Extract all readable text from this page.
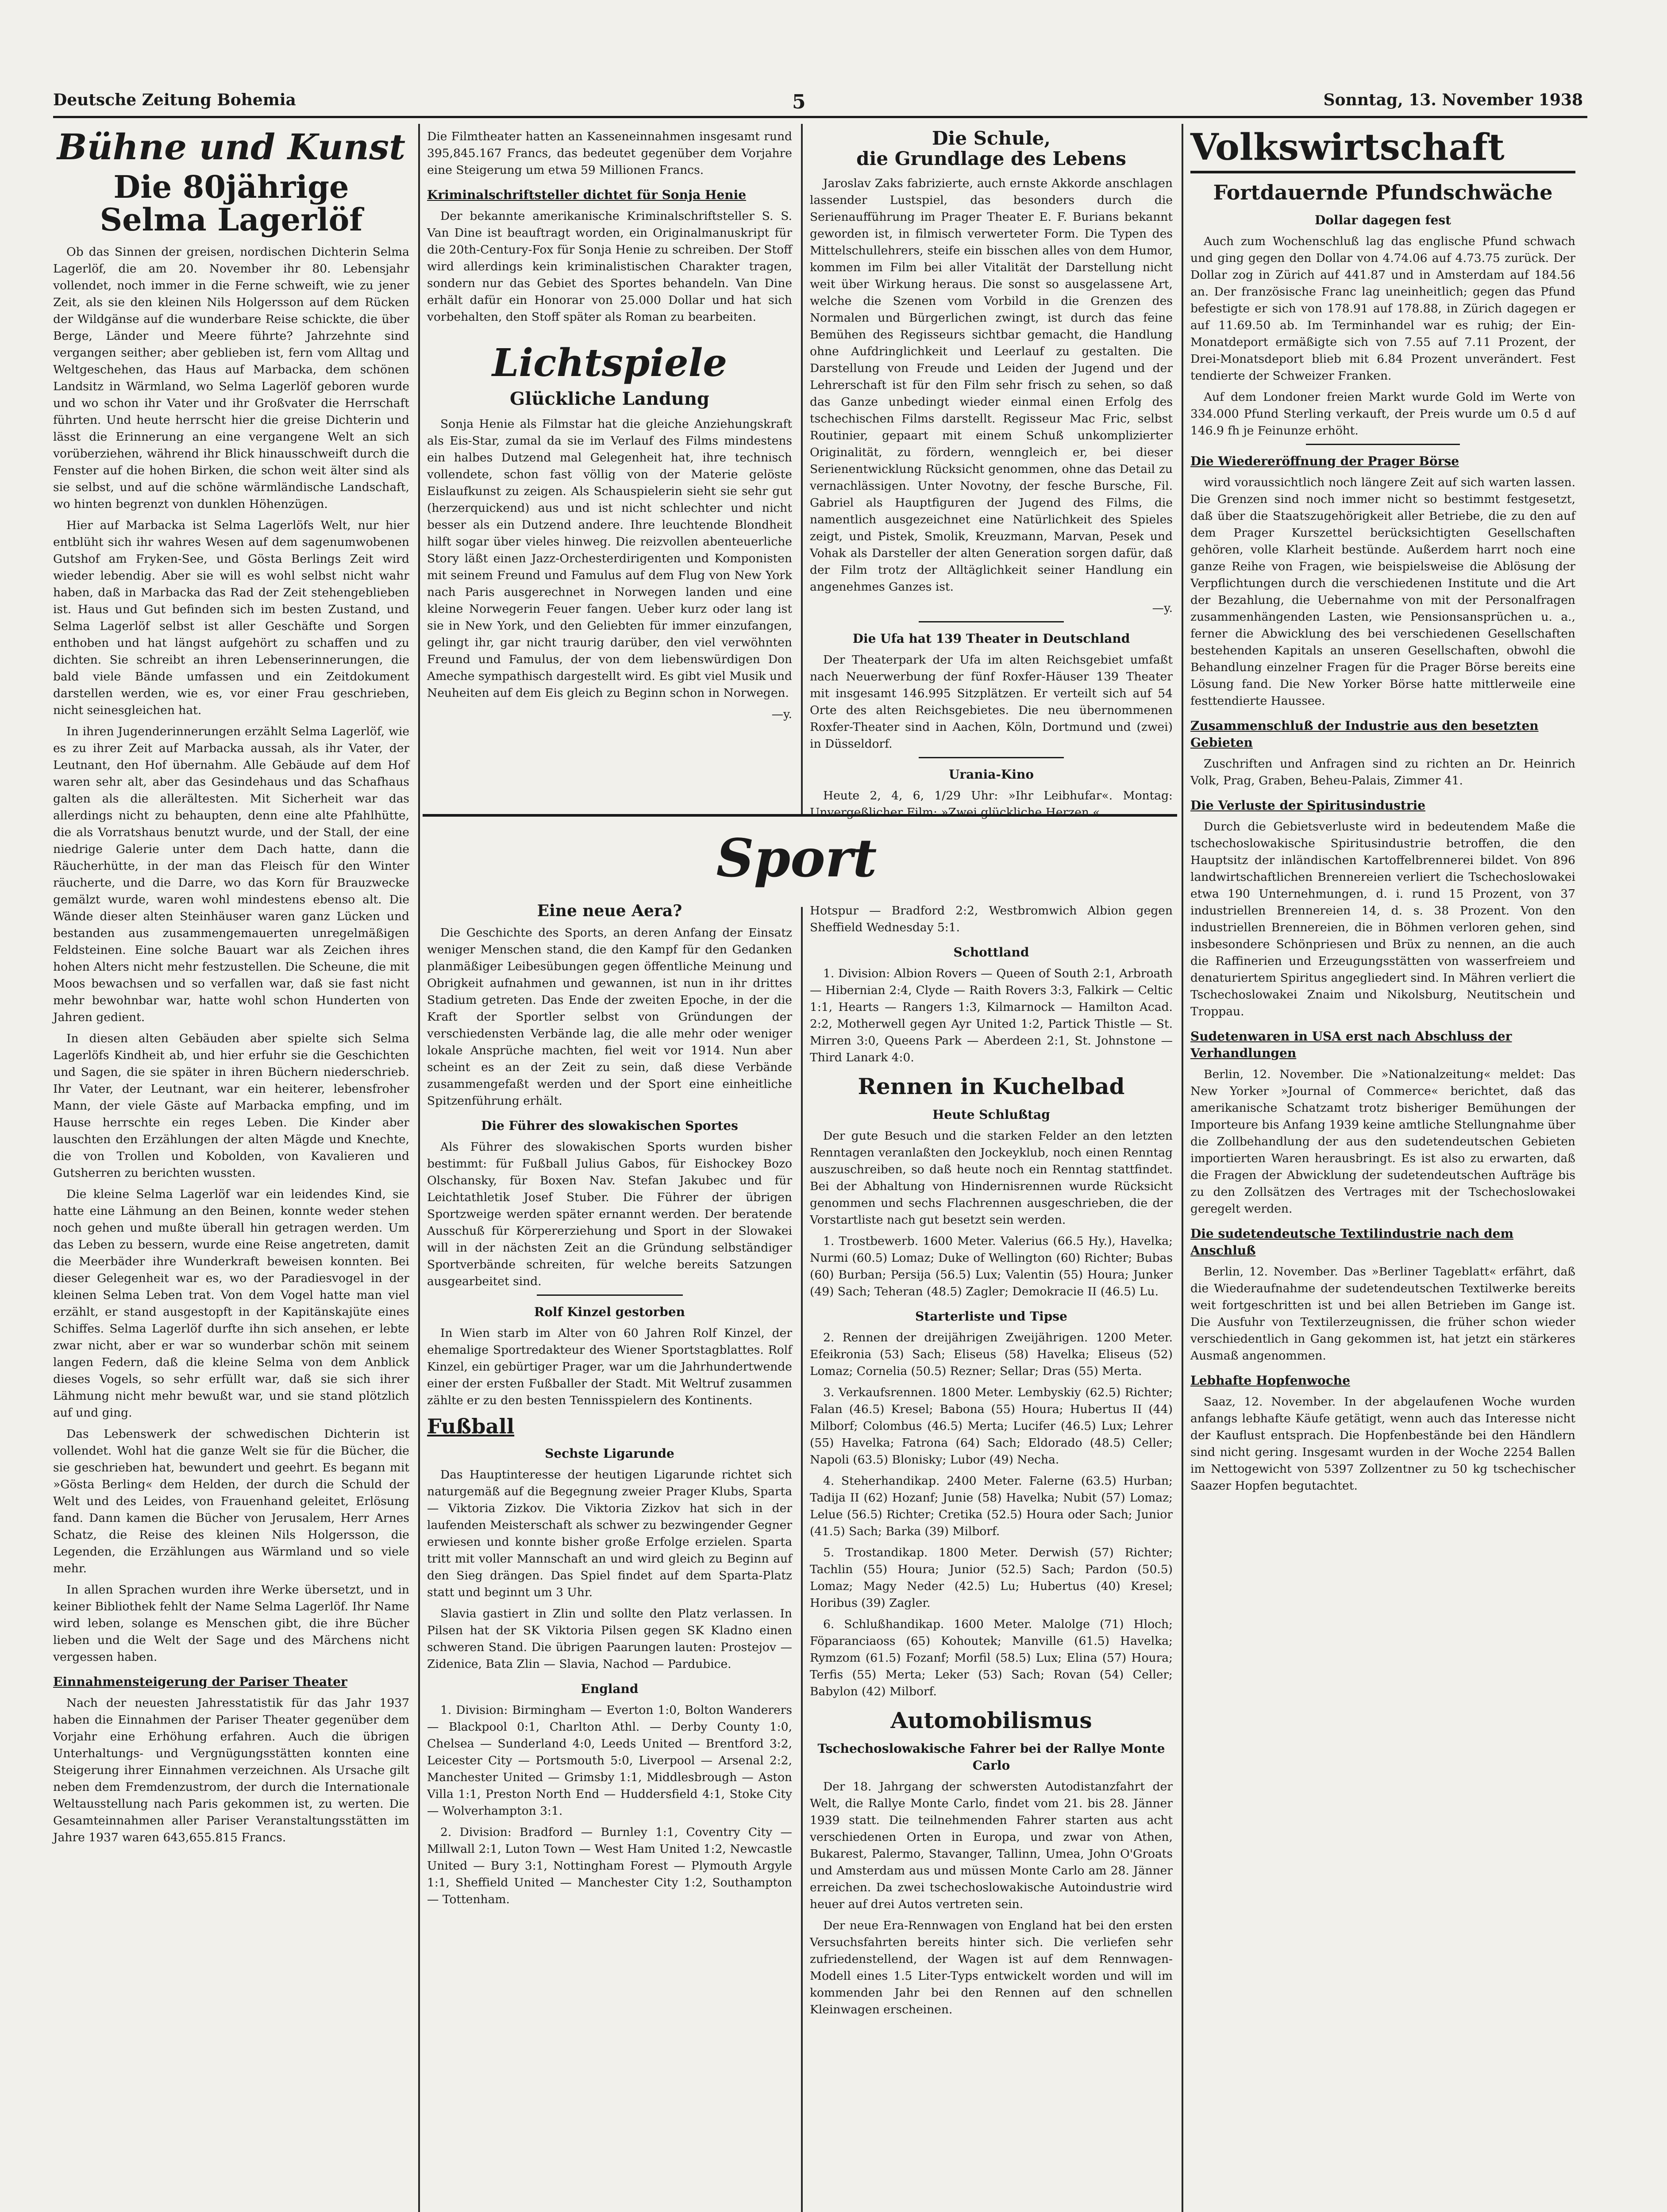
Deutsche Zeitung Bohemia	5	Sonntag, 13. November 1938
Bühne und Kunst
Die 80jährige
Selma Lagerlöf

Ob das Sinnen der greisen, nordischen Dichterin Selma Lagerlöf, die am 20. November ihr 80. Lebensjahr vollendet, noch immer in die Ferne schweift, wie zu jener Zeit, als sie den kleinen Nils Holgersson auf dem Rücken der Wildgänse auf die wunderbare Reise schickte, die über Berge, Länder und Meere führte? Jahrzehnte sind vergangen seither; aber geblieben ist, fern vom Alltag und Weltgeschehen, das Haus auf Marbacka, dem schönen Landsitz in Wärmland, wo Selma Lagerlöf geboren wurde und wo schon ihr Vater und ihr Großvater die Herrschaft führten. Und heute herrscht hier die greise Dichterin und lässt die Erinnerung an eine vergangene Welt an sich vorüberziehen, während ihr Blick hinausschweift durch die Fenster auf die hohen Birken, die schon weit älter sind als sie selbst, und auf die schöne wärmländische Landschaft, wo hinten begrenzt von dunklen Höhenzügen.

Hier auf Marbacka ist Selma Lagerlöfs Welt, nur hier entblüht sich ihr wahres Wesen auf dem sagenumwobenen Gutshof am Fryken-See, und Gösta Berlings Zeit wird wieder lebendig. Aber sie will es wohl selbst nicht wahr haben, daß in Marbacka das Rad der Zeit stehengeblieben ist. Haus und Gut befinden sich im besten Zustand, und Selma Lagerlöf selbst ist aller Geschäfte und Sorgen enthoben und hat längst aufgehört zu schaffen und zu dichten. Sie schreibt an ihren Lebenserinnerungen, die bald viele Bände umfassen und ein Zeitdokument darstellen werden, wie es, vor einer Frau geschrieben, nicht seinesgleichen hat.

In ihren Jugenderinnerungen erzählt Selma Lagerlöf, wie es zu ihrer Zeit auf Marbacka aussah, als ihr Vater, der Leutnant, den Hof übernahm. Alle Gebäude auf dem Hof waren sehr alt, aber das Gesindehaus und das Schafhaus galten als die allerältesten. Mit Sicherheit war das allerdings nicht zu behaupten, denn eine alte Pfahlhütte, die als Vorratshaus benutzt wurde, und der Stall, der eine niedrige Galerie unter dem Dach hatte, dann die Räucherhütte, in der man das Fleisch für den Winter räucherte, und die Darre, wo das Korn für Brauzwecke gemälzt wurde, waren wohl mindestens ebenso alt. Die Wände dieser alten Steinhäuser waren ganz Lücken und bestanden aus zusammengemauerten unregelmäßigen Feldsteinen. Eine solche Bauart war als Zeichen ihres hohen Alters nicht mehr festzustellen. Die Scheune, die mit Moos bewachsen und so verfallen war, daß sie fast nicht mehr bewohnbar war, hatte wohl schon Hunderten von Jahren gedient.

In diesen alten Gebäuden aber spielte sich Selma Lagerlöfs Kindheit ab, und hier erfuhr sie die Geschichten und Sagen, die sie später in ihren Büchern niederschrieb. Ihr Vater, der Leutnant, war ein heiterer, lebensfroher Mann, der viele Gäste auf Marbacka empfing, und im Hause herrschte ein reges Leben. Die Kinder aber lauschten den Erzählungen der alten Mägde und Knechte, die von Trollen und Kobolden, von Kavalieren und Gutsherren zu berichten wussten.

Die kleine Selma Lagerlöf war ein leidendes Kind, sie hatte eine Lähmung an den Beinen, konnte weder stehen noch gehen und mußte überall hin getragen werden. Um das Leben zu bessern, wurde eine Reise angetreten, damit die Meerbäder ihre Wunderkraft beweisen konnten. Bei dieser Gelegenheit war es, wo der Paradiesvogel in der kleinen Selma Leben trat. Von dem Vogel hatte man viel erzählt, er stand ausgestopft in der Kapitänskajüte eines Schiffes. Selma Lagerlöf durfte ihn sich ansehen, er lebte zwar nicht, aber er war so wunderbar schön mit seinem langen Federn, daß die kleine Selma von dem Anblick dieses Vogels, so sehr erfüllt war, daß sie sich ihrer Lähmung nicht mehr bewußt war, und sie stand plötzlich auf und ging.

Das Lebenswerk der schwedischen Dichterin ist vollendet. Wohl hat die ganze Welt sie für die Bücher, die sie geschrieben hat, bewundert und geehrt. Es begann mit »Gösta Berling« dem Helden, der durch die Schuld der Welt und des Leides, von Frauenhand geleitet, Erlösung fand. Dann kamen die Bücher von Jerusalem, Herr Arnes Schatz, die Reise des kleinen Nils Holgersson, die Legenden, die Erzählungen aus Wärmland und so viele mehr.

In allen Sprachen wurden ihre Werke übersetzt, und in keiner Bibliothek fehlt der Name Selma Lagerlöf. Ihr Name wird leben, solange es Menschen gibt, die ihre Bücher lieben und die Welt der Sage und des Märchens nicht vergessen haben.

Einnahmensteigerung der Pariser Theater

Nach der neuesten Jahresstatistik für das Jahr 1937 haben die Einnahmen der Pariser Theater gegenüber dem Vorjahr eine Erhöhung erfahren. Auch die übrigen Unterhaltungs- und Vergnügungsstätten konnten eine Steigerung ihrer Einnahmen verzeichnen. Als Ursache gilt neben dem Fremdenzustrom, der durch die Internationale Weltausstellung nach Paris gekommen ist, zu werten. Die Gesamteinnahmen aller Pariser Veranstaltungsstätten im Jahre 1937 waren 643,655.815 Francs.

Die Filmtheater hatten an Kasseneinnahmen insgesamt rund 395,845.167 Francs, das bedeutet gegenüber dem Vorjahre eine Steigerung um etwa 59 Millionen Francs.

Kriminalschriftsteller dichtet für Sonja Henie

Der bekannte amerikanische Kriminalschriftsteller S. S. Van Dine ist beauftragt worden, ein Originalmanuskript für die 20th-Century-Fox für Sonja Henie zu schreiben. Der Stoff wird allerdings kein kriminalistischen Charakter tragen, sondern nur das Gebiet des Sportes behandeln. Van Dine erhält dafür ein Honorar von 25.000 Dollar und hat sich vorbehalten, den Stoff später als Roman zu bearbeiten.

Lichtspiele
Glückliche Landung

Sonja Henie als Filmstar hat die gleiche Anziehungskraft als Eis-Star, zumal da sie im Verlauf des Films mindestens ein halbes Dutzend mal Gelegenheit hat, ihre technisch vollendete, schon fast völlig von der Materie gelöste Eislaufkunst zu zeigen. Als Schauspielerin sieht sie sehr gut (herzerquickend) aus und ist nicht schlechter und nicht besser als ein Dutzend andere. Ihre leuchtende Blondheit hilft sogar über vieles hinweg. Die reizvollen abenteuerliche Story läßt einen Jazz-Orchesterdirigenten und Komponisten mit seinem Freund und Famulus auf dem Flug von New York nach Paris ausgerechnet in Norwegen landen und eine kleine Norwegerin Feuer fangen. Ueber kurz oder lang ist sie in New York, und den Geliebten für immer einzufangen, gelingt ihr, gar nicht traurig darüber, den viel verwöhnten Freund und Famulus, der von dem liebenswürdigen Don Ameche sympathisch dargestellt wird. Es gibt viel Musik und Neuheiten auf dem Eis gleich zu Beginn schon in Norwegen.

—y.

Die Schule,
die Grundlage des Lebens

Jaroslav Zaks fabrizierte, auch ernste Akkorde anschlagen lassender Lustspiel, das besonders durch die Serienaufführung im Prager Theater E. F. Burians bekannt geworden ist, in filmisch verwerteter Form. Die Typen des Mittelschullehrers, steife ein bisschen alles von dem Humor, kommen im Film bei aller Vitalität der Darstellung nicht weit über Wirkung heraus. Die sonst so ausgelassene Art, welche die Szenen vom Vorbild in die Grenzen des Normalen und Bürgerlichen zwingt, ist durch das feine Bemühen des Regisseurs sichtbar gemacht, die Handlung ohne Aufdringlichkeit und Leerlauf zu gestalten. Die Darstellung von Freude und Leiden der Jugend und der Lehrerschaft ist für den Film sehr frisch zu sehen, so daß das Ganze unbedingt wieder einmal einen Erfolg des tschechischen Films darstellt. Regisseur Mac Fric, selbst Routinier, gepaart mit einem Schuß unkomplizierter Originalität, zu fördern, wenngleich er, bei dieser Serienentwicklung Rücksicht genommen, ohne das Detail zu vernachlässigen. Unter Novotny, der fesche Bursche, Fil. Gabriel als Hauptfiguren der Jugend des Films, die namentlich ausgezeichnet eine Natürlichkeit des Spieles zeigt, und Pistek, Smolik, Kreuzmann, Marvan, Pesek und Vohak als Darsteller der alten Generation sorgen dafür, daß der Film trotz der Alltäglichkeit seiner Handlung ein angenehmes Ganzes ist.

—y.

Die Ufa hat 139 Theater in Deutschland

Der Theaterpark der Ufa im alten Reichsgebiet umfaßt nach Neuerwerbung der fünf Roxfer-Häuser 139 Theater mit insgesamt 146.995 Sitzplätzen. Er verteilt sich auf 54 Orte des alten Reichsgebietes. Die neu übernommenen Roxfer-Theater sind in Aachen, Köln, Dortmund und (zwei) in Düsseldorf.

Urania-Kino

Heute 2, 4, 6, 1/29 Uhr: »Ihr Leibhufar«. Montag: Unvergeßlicher Film: »Zwei glückliche Herzen.«

Sport
Eine neue Aera?

Die Geschichte des Sports, an deren Anfang der Einsatz weniger Menschen stand, die den Kampf für den Gedanken planmäßiger Leibesübungen gegen öffentliche Meinung und Obrigkeit aufnahmen und gewannen, ist nun in ihr drittes Stadium getreten. Das Ende der zweiten Epoche, in der die Kraft der Sportler selbst von Gründungen der verschiedensten Verbände lag, die alle mehr oder weniger lokale Ansprüche machten, fiel weit vor 1914. Nun aber scheint es an der Zeit zu sein, daß diese Verbände zusammengefaßt werden und der Sport eine einheitliche Spitzenführung erhält.

Die Führer des slowakischen Sportes

Als Führer des slowakischen Sports wurden bisher bestimmt: für Fußball Julius Gabos, für Eishockey Bozo Olschansky, für Boxen Nav. Stefan Jakubec und für Leichtathletik Josef Stuber. Die Führer der übrigen Sportzweige werden später ernannt werden. Der beratende Ausschuß für Körpererziehung und Sport in der Slowakei will in der nächsten Zeit an die Gründung selbständiger Sportverbände schreiten, für welche bereits Satzungen ausgearbeitet sind.

Rolf Kinzel gestorben

In Wien starb im Alter von 60 Jahren Rolf Kinzel, der ehemalige Sportredakteur des Wiener Sportstagblattes. Rolf Kinzel, ein gebürtiger Prager, war um die Jahrhundertwende einer der ersten Fußballer der Stadt. Mit Weltruf zusammen zählte er zu den besten Tennisspielern des Kontinents.

Fußball

Sechste Ligarunde

Das Hauptinteresse der heutigen Ligarunde richtet sich naturgemäß auf die Begegnung zweier Prager Klubs, Sparta — Viktoria Zizkov. Die Viktoria Zizkov hat sich in der laufenden Meisterschaft als schwer zu bezwingender Gegner erwiesen und konnte bisher große Erfolge erzielen. Sparta tritt mit voller Mannschaft an und wird gleich zu Beginn auf den Sieg drängen. Das Spiel findet auf dem Sparta-Platz statt und beginnt um 3 Uhr.

Slavia gastiert in Zlin und sollte den Platz verlassen. In Pilsen hat der SK Viktoria Pilsen gegen SK Kladno einen schweren Stand. Die übrigen Paarungen lauten: Prostejov — Zidenice, Bata Zlin — Slavia, Nachod — Pardubice.

England

1. Division: Birmingham — Everton 1:0, Bolton Wanderers — Blackpool 0:1, Charlton Athl. — Derby County 1:0, Chelsea — Sunderland 4:0, Leeds United — Brentford 3:2, Leicester City — Portsmouth 5:0, Liverpool — Arsenal 2:2, Manchester United — Grimsby 1:1, Middlesbrough — Aston Villa 1:1, Preston North End — Huddersfield 4:1, Stoke City — Wolverhampton 3:1.

2. Division: Bradford — Burnley 1:1, Coventry City — Millwall 2:1, Luton Town — West Ham United 1:2, Newcastle United — Bury 3:1, Nottingham Forest — Plymouth Argyle 1:1, Sheffield United — Manchester City 1:2, Southampton — Tottenham.

Hotspur — Bradford 2:2, Westbromwich Albion gegen Sheffield Wednesday 5:1.

Schottland

1. Division: Albion Rovers — Queen of South 2:1, Arbroath — Hibernian 2:4, Clyde — Raith Rovers 3:3, Falkirk — Celtic 1:1, Hearts — Rangers 1:3, Kilmarnock — Hamilton Acad. 2:2, Motherwell gegen Ayr United 1:2, Partick Thistle — St. Mirren 3:0, Queens Park — Aberdeen 2:1, St. Johnstone — Third Lanark 4:0.

Rennen in Kuchelbad

Heute Schlußtag

Der gute Besuch und die starken Felder an den letzten Renntagen veranlaßten den Jockeyklub, noch einen Renntag auszuschreiben, so daß heute noch ein Renntag stattfindet. Bei der Abhaltung von Hindernisrennen wurde Rücksicht genommen und sechs Flachrennen ausgeschrieben, die der Vorstartliste nach gut besetzt sein werden.

1. Trostbewerb. 1600 Meter. Valerius (66.5 Hy.), Havelka; Nurmi (60.5) Lomaz; Duke of Wellington (60) Richter; Bubas (60) Burban; Persija (56.5) Lux; Valentin (55) Houra; Junker (49) Sach; Teheran (48.5) Zagler; Demokracie II (46.5) Lu.

Starterliste und Tipse

2. Rennen der dreijährigen Zweijährigen. 1200 Meter. Efeikronia (53) Sach; Eliseus (58) Havelka; Eliseus (52) Lomaz; Cornelia (50.5) Rezner; Sellar; Dras (55) Merta.

3. Verkaufsrennen. 1800 Meter. Lembyskiy (62.5) Richter; Falan (46.5) Kresel; Babona (55) Houra; Hubertus II (44) Milborf; Colombus (46.5) Merta; Lucifer (46.5) Lux; Lehrer (55) Havelka; Fatrona (64) Sach; Eldorado (48.5) Celler; Napoli (63.5) Blonisky; Lubor (49) Necha.

4. Steherhandikap. 2400 Meter. Falerne (63.5) Hurban; Tadija II (62) Hozanf; Junie (58) Havelka; Nubit (57) Lomaz; Lelue (56.5) Richter; Cretika (52.5) Houra oder Sach; Junior (41.5) Sach; Barka (39) Milborf.

5. Trostandikap. 1800 Meter. Derwish (57) Richter; Tachlin (55) Houra; Junior (52.5) Sach; Pardon (50.5) Lomaz; Magy Neder (42.5) Lu; Hubertus (40) Kresel; Horibus (39) Zagler.

6. Schlußhandikap. 1600 Meter. Malolge (71) Hloch; Föparanciaoss (65) Kohoutek; Manville (61.5) Havelka; Rymzom (61.5) Fozanf; Morfil (58.5) Lux; Elina (57) Houra; Terfis (55) Merta; Leker (53) Sach; Rovan (54) Celler; Babylon (42) Milborf.

Automobilismus

Tschechoslowakische Fahrer bei der Rallye Monte Carlo

Der 18. Jahrgang der schwersten Autodistanzfahrt der Welt, die Rallye Monte Carlo, findet vom 21. bis 28. Jänner 1939 statt. Die teilnehmenden Fahrer starten aus acht verschiedenen Orten in Europa, und zwar von Athen, Bukarest, Palermo, Stavanger, Tallinn, Umea, John O'Groats und Amsterdam aus und müssen Monte Carlo am 28. Jänner erreichen. Da zwei tschechoslowakische Autoindustrie wird heuer auf drei Autos vertreten sein.

Der neue Era-Rennwagen von England hat bei den ersten Versuchsfahrten bereits hinter sich. Die verliefen sehr zufriedenstellend, der Wagen ist auf dem Rennwagen-Modell eines 1.5 Liter-Typs entwickelt worden und will im kommenden Jahr bei den Rennen auf den schnellen Kleinwagen erscheinen.

Volkswirtschaft
Fortdauernde Pfundschwäche

Dollar dagegen fest

Auch zum Wochenschluß lag das englische Pfund schwach und ging gegen den Dollar von 4.74.06 auf 4.73.75 zurück. Der Dollar zog in Zürich auf 441.87 und in Amsterdam auf 184.56 an. Der französische Franc lag uneinheitlich; gegen das Pfund befestigte er sich von 178.91 auf 178.88, in Zürich dagegen er auf 11.69.50 ab. Im Terminhandel war es ruhig; der Ein-Monatdeport ermäßigte sich von 7.55 auf 7.11 Prozent, der Drei-Monatsdeport blieb mit 6.84 Prozent unverändert. Fest tendierte der Schweizer Franken.

Auf dem Londoner freien Markt wurde Gold im Werte von 334.000 Pfund Sterling verkauft, der Preis wurde um 0.5 d auf 146.9 fh je Feinunze erhöht.

Die Wiedereröffnung der Prager Börse

wird voraussichtlich noch längere Zeit auf sich warten lassen. Die Grenzen sind noch immer nicht so bestimmt festgesetzt, daß über die Staatszugehörigkeit aller Betriebe, die zu den auf dem Prager Kurszettel berücksichtigten Gesellschaften gehören, volle Klarheit bestünde. Außerdem harrt noch eine ganze Reihe von Fragen, wie beispielsweise die Ablösung der Verpflichtungen durch die verschiedenen Institute und die Art der Bezahlung, die Uebernahme von mit der Personalfragen zusammenhängenden Lasten, wie Pensionsansprüchen u. a., ferner die Abwicklung des bei verschiedenen Gesellschaften bestehenden Kapitals an unseren Gesellschaften, obwohl die Behandlung einzelner Fragen für die Prager Börse bereits eine Lösung fand. Die New Yorker Börse hatte mittlerweile eine festtendierte Haussee.

Zusammenschluß der Industrie aus den besetzten Gebieten

Zuschriften und Anfragen sind zu richten an Dr. Heinrich Volk, Prag, Graben, Beheu-Palais, Zimmer 41.

Die Verluste der Spiritusindustrie

Durch die Gebietsverluste wird in bedeutendem Maße die tschechoslowakische Spiritusindustrie betroffen, die den Hauptsitz der inländischen Kartoffelbrennerei bildet. Von 896 landwirtschaftlichen Brennereien verliert die Tschechoslowakei etwa 190 Unternehmungen, d. i. rund 15 Prozent, von 37 industriellen Brennereien 14, d. s. 38 Prozent. Von den industriellen Brennereien, die in Böhmen verloren gehen, sind insbesondere Schönpriesen und Brüx zu nennen, an die auch die Raffinerien und Erzeugungsstätten von wasserfreiem und denaturiertem Spiritus angegliedert sind. In Mähren verliert die Tschechoslowakei Znaim und Nikolsburg, Neutitschein und Troppau.

Sudetenwaren in USA erst nach Abschluss der Verhandlungen

Berlin, 12. November. Die »Nationalzeitung« meldet: Das New Yorker »Journal of Commerce« berichtet, daß das amerikanische Schatzamt trotz bisheriger Bemühungen der Importeure bis Anfang 1939 keine amtliche Stellungnahme über die Zollbehandlung der aus den sudetendeutschen Gebieten importierten Waren herausbringt. Es ist also zu erwarten, daß die Fragen der Abwicklung der sudetendeutschen Aufträge bis zu den Zollsätzen des Vertrages mit der Tschechoslowakei geregelt werden.

Die sudetendeutsche Textilindustrie nach dem Anschluß

Berlin, 12. November. Das »Berliner Tageblatt« erfährt, daß die Wiederaufnahme der sudetendeutschen Textilwerke bereits weit fortgeschritten ist und bei allen Betrieben im Gange ist. Die Ausfuhr von Textilerzeugnissen, die früher schon wieder verschiedentlich in Gang gekommen ist, hat jetzt ein stärkeres Ausmaß angenommen.

Lebhafte Hopfenwoche

Saaz, 12. November. In der abgelaufenen Woche wurden anfangs lebhafte Käufe getätigt, wenn auch das Interesse nicht der Kauflust entsprach. Die Hopfenbestände bei den Händlern sind nicht gering. Insgesamt wurden in der Woche 2254 Ballen im Nettogewicht von 5397 Zollzentner zu 50 kg tschechischer Saazer Hopfen begutachtet.
